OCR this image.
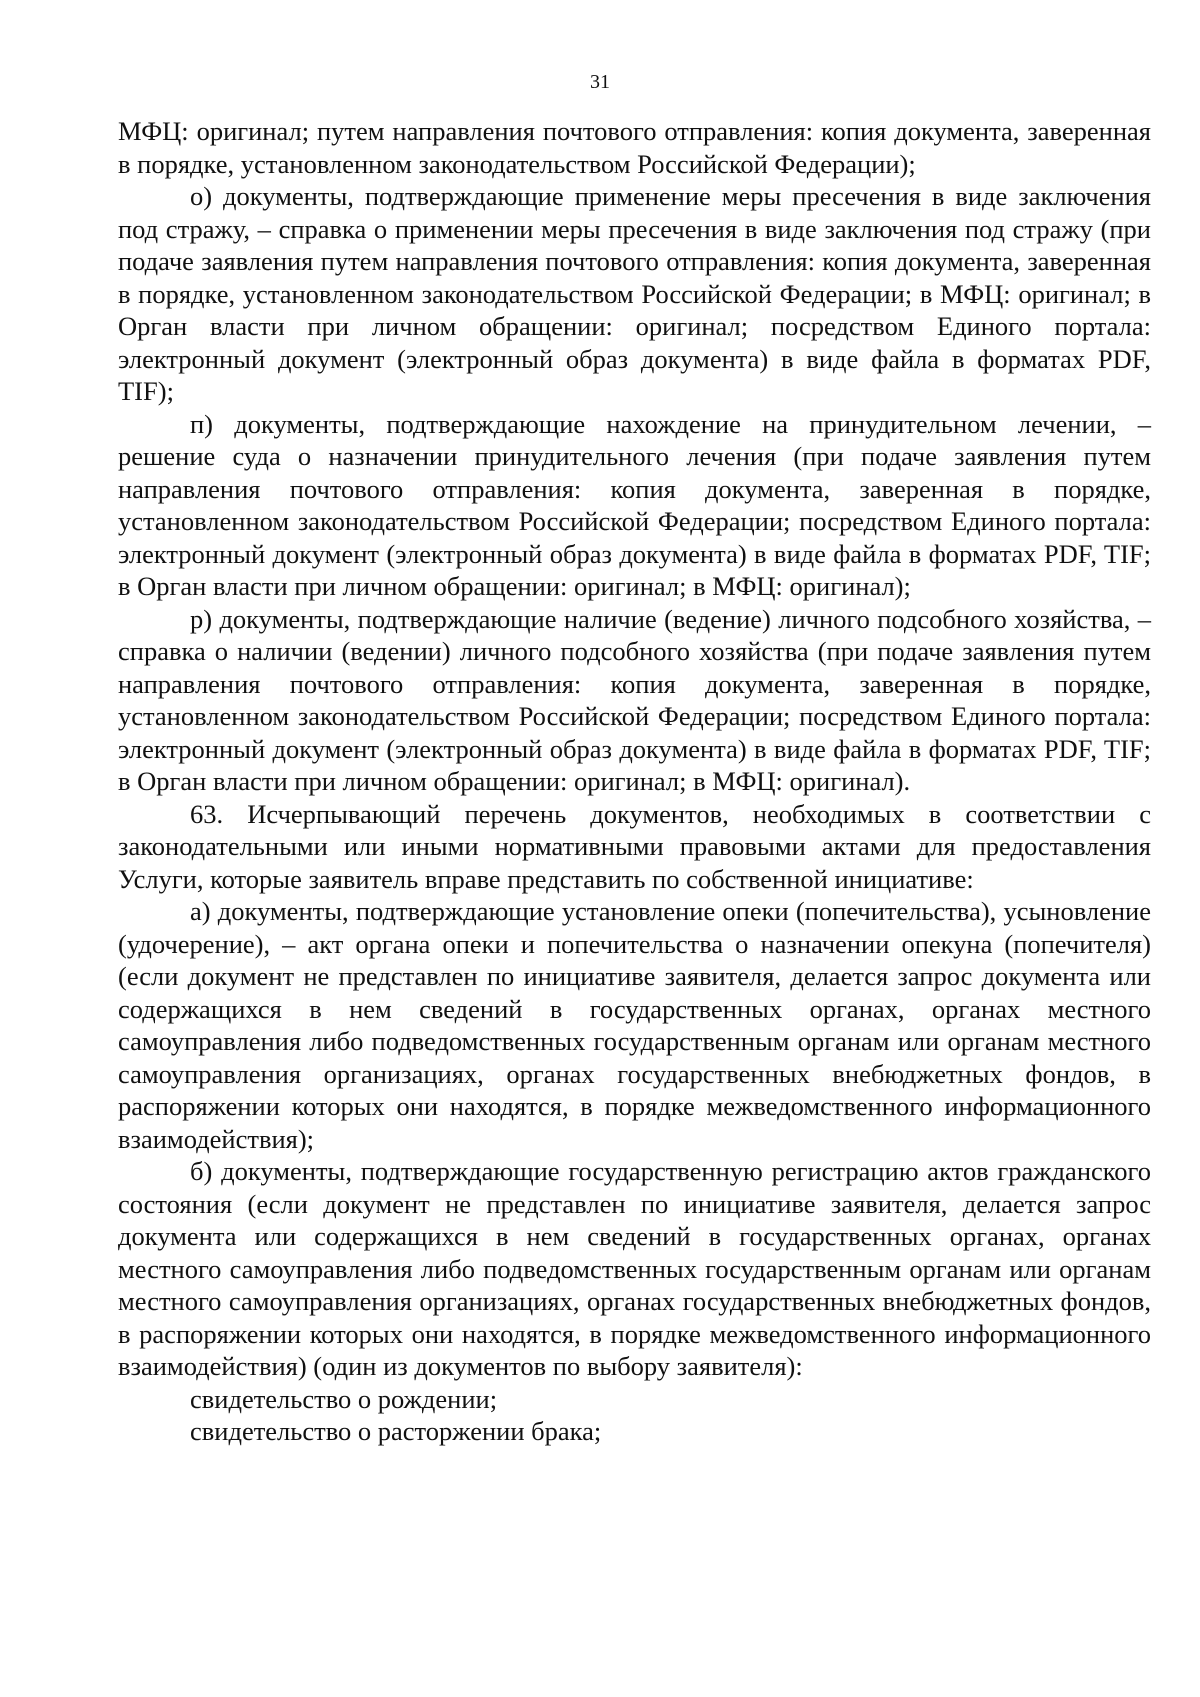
31

МФЦ: оригинал; путем направления почтового отправления: копия документа, заверенная в порядке, установленном законодательством Российской Федерации);

о) документы, подтверждающие применение меры пресечения в виде заключения под стражу, – справка о применении меры пресечения в виде заключения под стражу (при подаче заявления путем направления почтового отправления: копия документа, заверенная в порядке, установленном законодательством Российской Федерации; в МФЦ: оригинал; в Орган власти при личном обращении: оригинал; посредством Единого портала: электронный документ (электронный образ документа) в виде файла в форматах PDF, TIF);

п) документы, подтверждающие нахождение на принудительном лечении, – решение суда о назначении принудительного лечения (при подаче заявления путем направления почтового отправления: копия документа, заверенная в порядке, установленном законодательством Российской Федерации; посредством Единого портала: электронный документ (электронный образ документа) в виде файла в форматах PDF, TIF; в Орган власти при личном обращении: оригинал; в МФЦ: оригинал);

р) документы, подтверждающие наличие (ведение) личного подсобного хозяйства, – справка о наличии (ведении) личного подсобного хозяйства (при подаче заявления путем направления почтового отправления: копия документа, заверенная в порядке, установленном законодательством Российской Федерации; посредством Единого портала: электронный документ (электронный образ документа) в виде файла в форматах PDF, TIF; в Орган власти при личном обращении: оригинал; в МФЦ: оригинал).

63. Исчерпывающий перечень документов, необходимых в соответствии с законодательными или иными нормативными правовыми актами для предоставления Услуги, которые заявитель вправе представить по собственной инициативе:

а) документы, подтверждающие установление опеки (попечительства), усыновление (удочерение), – акт органа опеки и попечительства о назначении опекуна (попечителя) (если документ не представлен по инициативе заявителя, делается запрос документа или содержащихся в нем сведений в государственных органах, органах местного самоуправления либо подведомственных государственным органам или органам местного самоуправления организациях, органах государственных внебюджетных фондов, в распоряжении которых они находятся, в порядке межведомственного информационного взаимодействия);

б) документы, подтверждающие государственную регистрацию актов гражданского состояния (если документ не представлен по инициативе заявителя, делается запрос документа или содержащихся в нем сведений в государственных органах, органах местного самоуправления либо подведомственных государственным органам или органам местного самоуправления организациях, органах государственных внебюджетных фондов, в распоряжении которых они находятся, в порядке межведомственного информационного взаимодействия) (один из документов по выбору заявителя):

свидетельство о рождении;

свидетельство о расторжении брака;
